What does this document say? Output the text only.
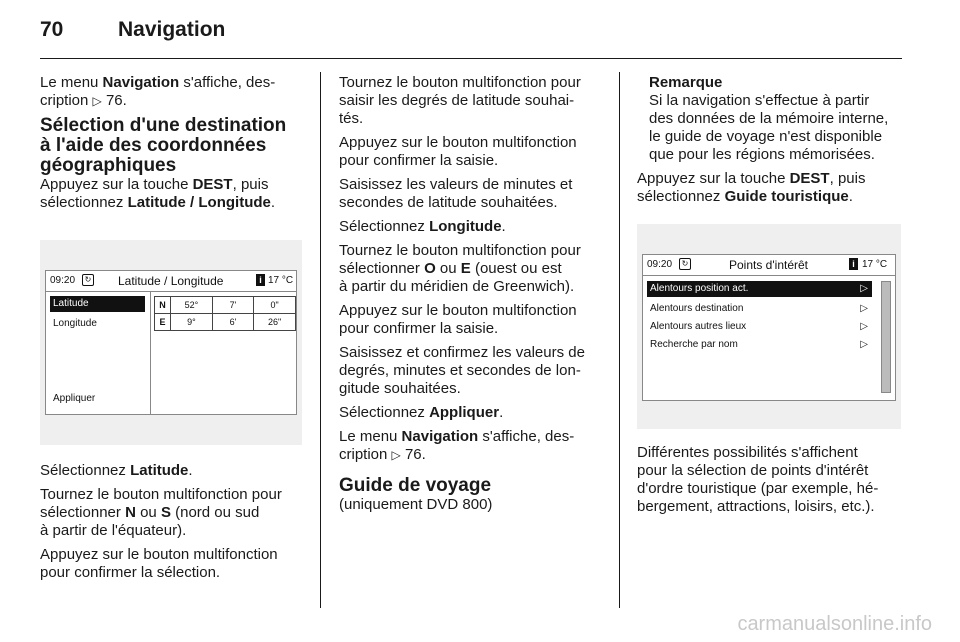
70	Navigation

Le menu Navigation s'affiche, des-
cription ▷ 76.

Sélection d'une destination
à l'aide des coordonnées
géographiques

Appuyez sur la touche DEST, puis
sélectionnez Latitude / Longitude.

09:20	↻ Latitude / Longitude	i 17 °C
Latitude
Longitude
Appliquer
N	52°	7'	0"
E	9°	6'	26"

Sélectionnez Latitude.

Tournez le bouton multifonction pour
sélectionner N ou S (nord ou sud
à partir de l'équateur).

Appuyez sur le bouton multifonction
pour confirmer la sélection.

Tournez le bouton multifonction pour
saisir les degrés de latitude souhai-
tés.

Appuyez sur le bouton multifonction
pour confirmer la saisie.

Saisissez les valeurs de minutes et
secondes de latitude souhaitées.

Sélectionnez Longitude.

Tournez le bouton multifonction pour
sélectionner O ou E (ouest ou est
à partir du méridien de Greenwich).

Appuyez sur le bouton multifonction
pour confirmer la saisie.

Saisissez et confirmez les valeurs de
degrés, minutes et secondes de lon-
gitude souhaitées.

Sélectionnez Appliquer.

Le menu Navigation s'affiche, des-
cription ▷ 76.

Guide de voyage

(uniquement DVD 800)

Remarque

Si la navigation s'effectue à partir
des données de la mémoire interne,
le guide de voyage n'est disponible
que pour les régions mémorisées.

Appuyez sur la touche DEST, puis
sélectionnez Guide touristique.

09:20	↻	Points d'intérêt	i 17 °C
Alentours position act.	▷
Alentours destination	▷
Alentours autres lieux	▷
Recherche par nom	▷

Différentes possibilités s'affichent
pour la sélection de points d'intérêt
d'ordre touristique (par exemple, hé-
bergement, attractions, loisirs, etc.).

carmanualsonline.info
